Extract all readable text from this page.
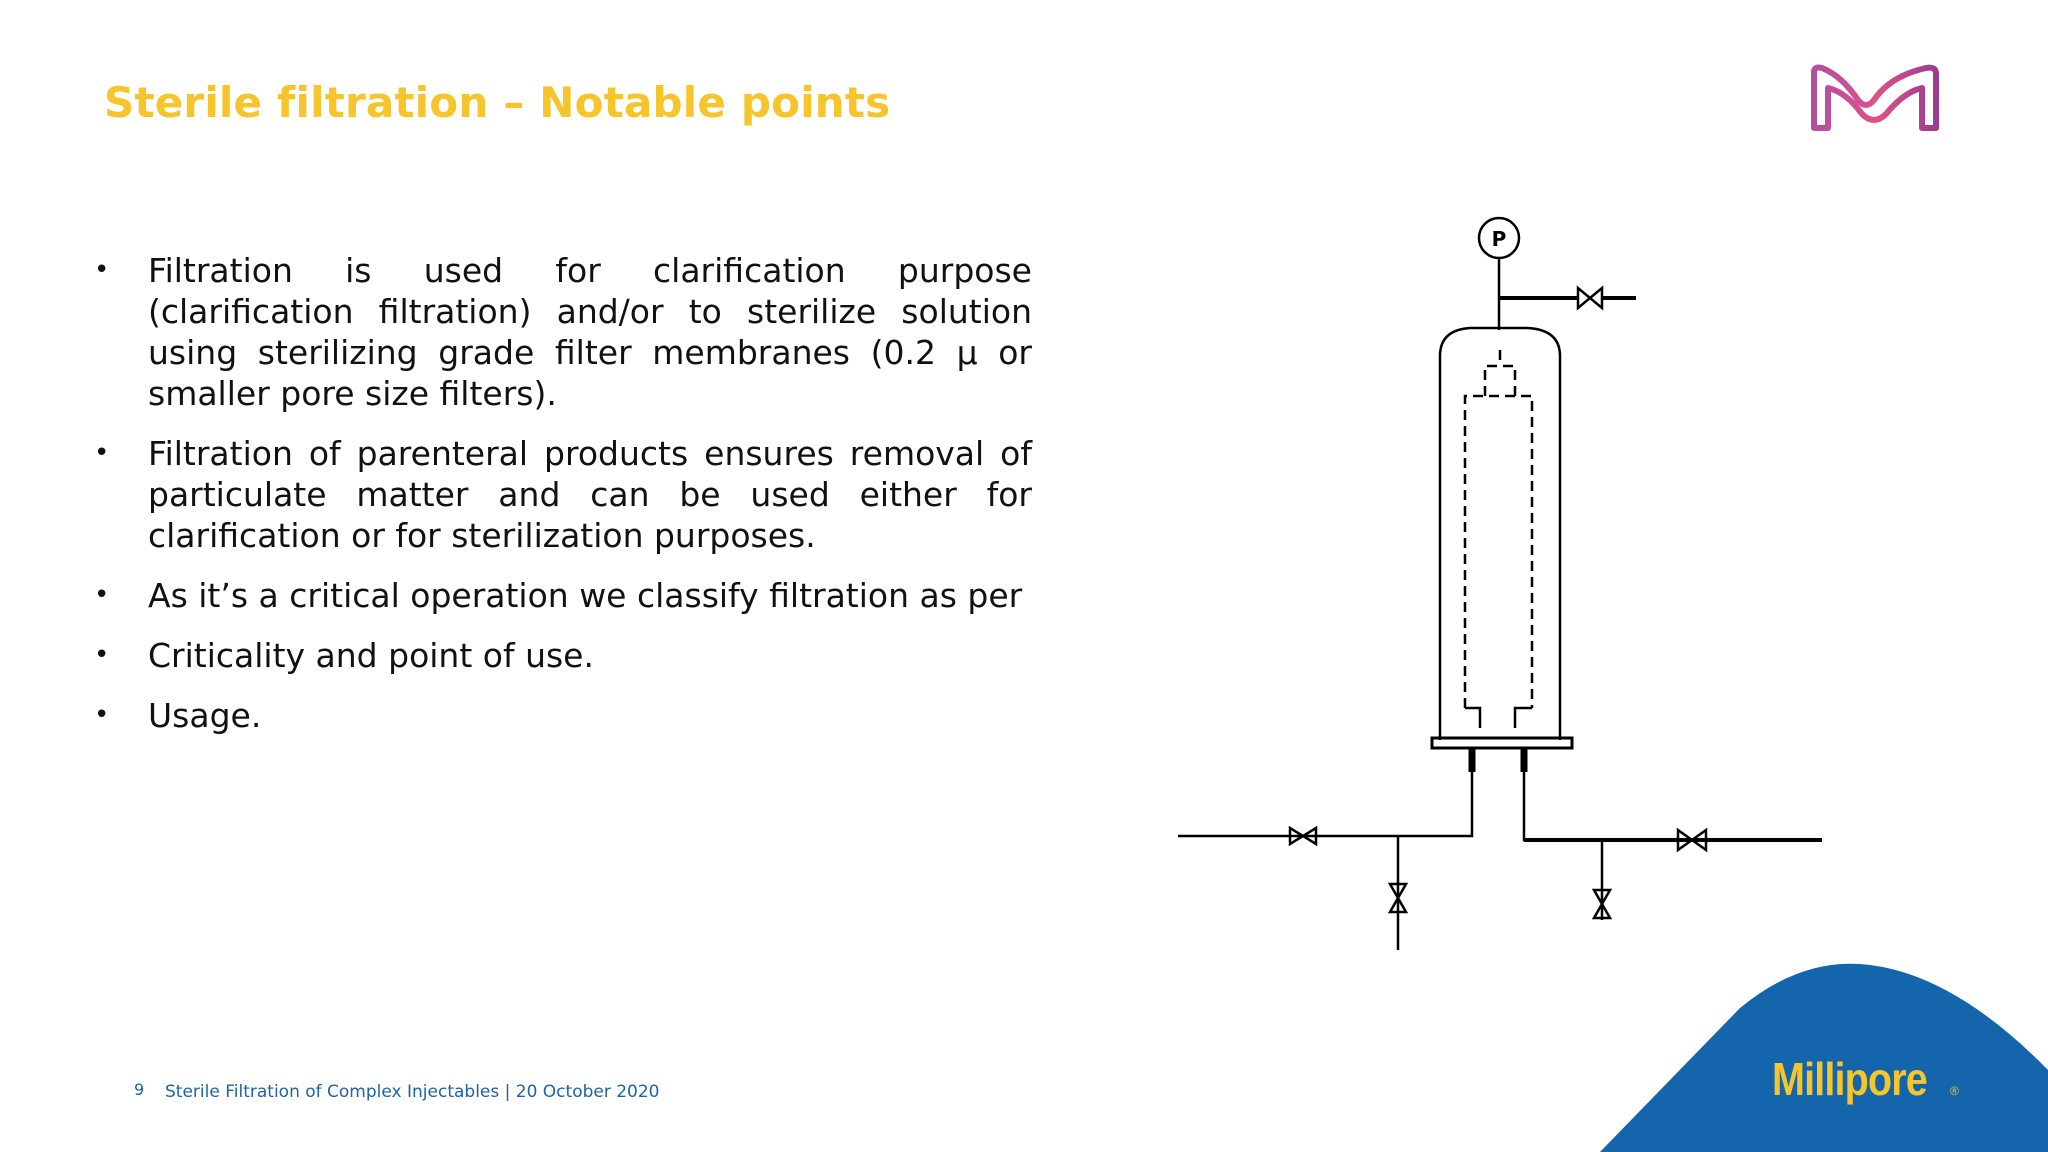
Sterile filtration – Notable points
• Filtration is used for clarification purpose (clarification filtration) and/or to sterilize solution using sterilizing grade filter membranes (0.2 µ or smaller pore size filters).
• Filtration of parenteral products ensures removal of particulate matter and can be used either for clarification or for sterilization purposes.
• As it’s a critical operation we classify filtration as per
• Criticality and point of use.
• Usage.
P
Millipore ®
9 Sterile Filtration of Complex Injectables | 20 October 2020
